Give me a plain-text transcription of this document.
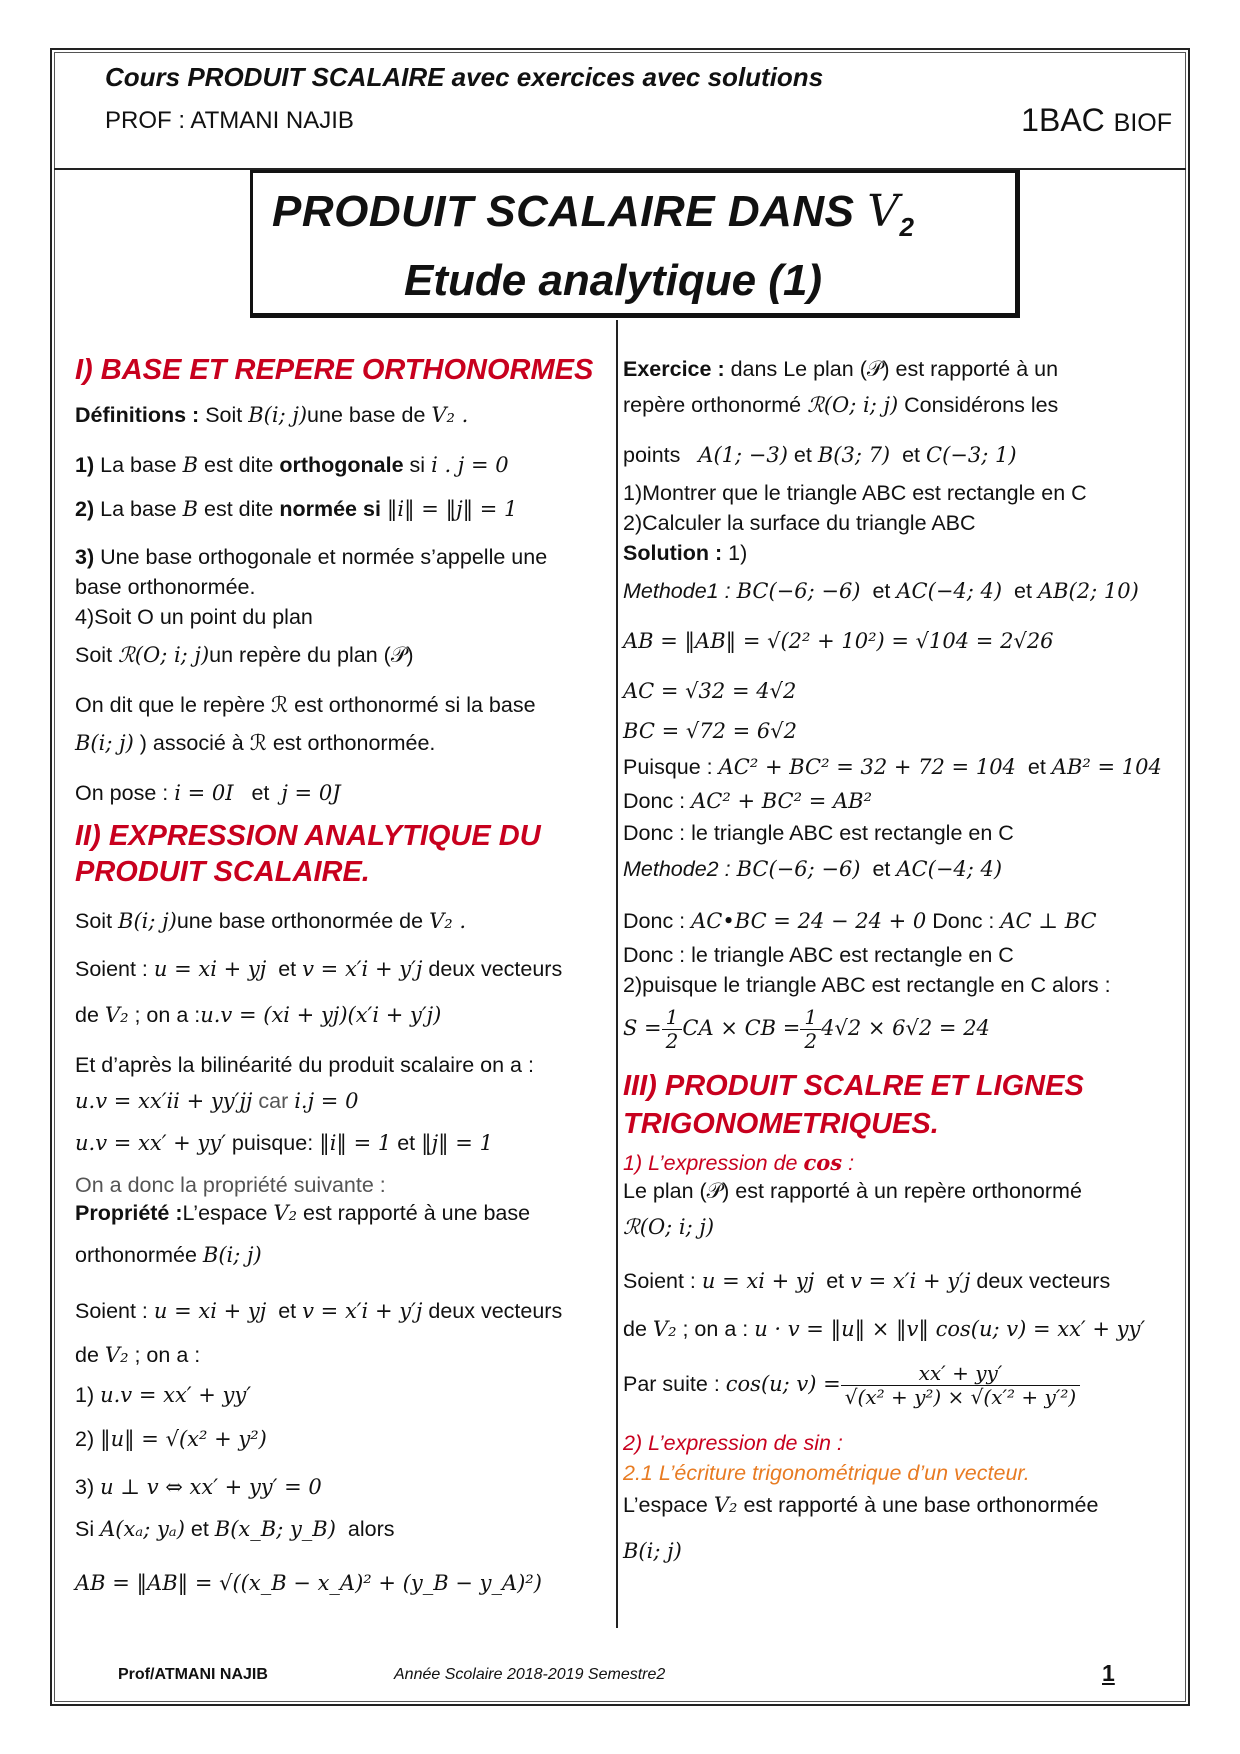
Cours PRODUIT SCALAIRE avec exercices avec solutions
PROF : ATMANI NAJIB	1BAC BIOF
PRODUIT SCALAIRE DANS $V_2$
Etude analytique (1)
I) BASE ET REPERE ORTHONORMES
Définitions : Soit B(i; j)une base de V₂ .
1) La base B est dite orthogonale si i . j = 0
2) La base B est dite normée si ‖i‖ = ‖j‖ = 1
3) Une base orthogonale et normée s’appelle une
base orthonormée.
4)Soit O un point du plan
Soit ℛ(O; i; j)un repère du plan (𝒫)
On dit que le repère ℛ est orthonormé si la base
B(i; j) ) associé à ℛ est orthonormée.
On pose : i = 0I et j = 0J
II) EXPRESSION ANALYTIQUE DU
PRODUIT SCALAIRE.
Soit B(i; j)une base orthonormée de V₂ .
Soient : u = xi + yj et v = x′i + y′j deux vecteurs
de V₂ ; on a :u.v = (xi + yj)(x′i + y′j)
Et d’après la bilinéarité du produit scalaire on a :
u.v = xx′ii + yy′jj car i.j = 0
u.v = xx′ + yy′ puisque: ‖i‖ = 1 et ‖j‖ = 1
On a donc la propriété suivante :
Propriété :L’espace V₂ est rapporté à une base
orthonormée B(i; j)
Soient : u = xi + yj et v = x′i + y′j deux vecteurs
de V₂ ; on a :
1) u.v = xx′ + yy′
2) ‖u‖ = √(x² + y²)
3) u ⊥ v ⇔ xx′ + yy′ = 0
Si A(xₐ; yₐ) et B(x_B; y_B) alors
AB = ‖AB‖ = √((x_B − x_A)² + (y_B − y_A)²)
Exercice : dans Le plan (𝒫) est rapporté à un
repère orthonormé ℛ(O; i; j) Considérons les
points A(1; −3) et B(3; 7) et C(−3; 1)
1)Montrer que le triangle ABC est rectangle en C
2)Calculer la surface du triangle ABC
Solution : 1)
Methode1 : BC(−6; −6) et AC(−4; 4) et AB(2; 10)
AB = ‖AB‖ = √(2² + 10²) = √104 = 2√26
AC = √32 = 4√2
BC = √72 = 6√2
Puisque : AC² + BC² = 32 + 72 = 104 et AB² = 104
Donc : AC² + BC² = AB²
Donc : le triangle ABC est rectangle en C
Methode2 : BC(−6; −6) et AC(−4; 4)
Donc : AC•BC = 24 − 24 + 0 Donc : AC ⊥ BC
Donc : le triangle ABC est rectangle en C
2)puisque le triangle ABC est rectangle en C alors :
$S = \frac{1}{2}$ CA × CB = $\frac{1}{2} 4√2 \times 6√2 = 24$
III) PRODUIT SCALRE ET LIGNES
TRIGONOMETRIQUES.
1) L’expression de cos :
Le plan (𝒫) est rapporté à un repère orthonormé
ℛ(O; i; j)
Soient : u = xi + yj et v = x′i + y′j deux vecteurs
de V₂ ; on a : u · v = ‖u‖ × ‖v‖ cos(u; v) = xx′ + yy′
Par suite : cos(u; $v) = \frac{xx' + yy'}{\text{√(x² + y²) × √(x′² + y′²)}}$
2) L’expression de sin :
2.1 L’écriture trigonométrique d’un vecteur.
L’espace V₂ est rapporté à une base orthonormée
B(i; j)
Prof/ATMANI NAJIB	Année Scolaire 2018-2019 Semestre2	1
